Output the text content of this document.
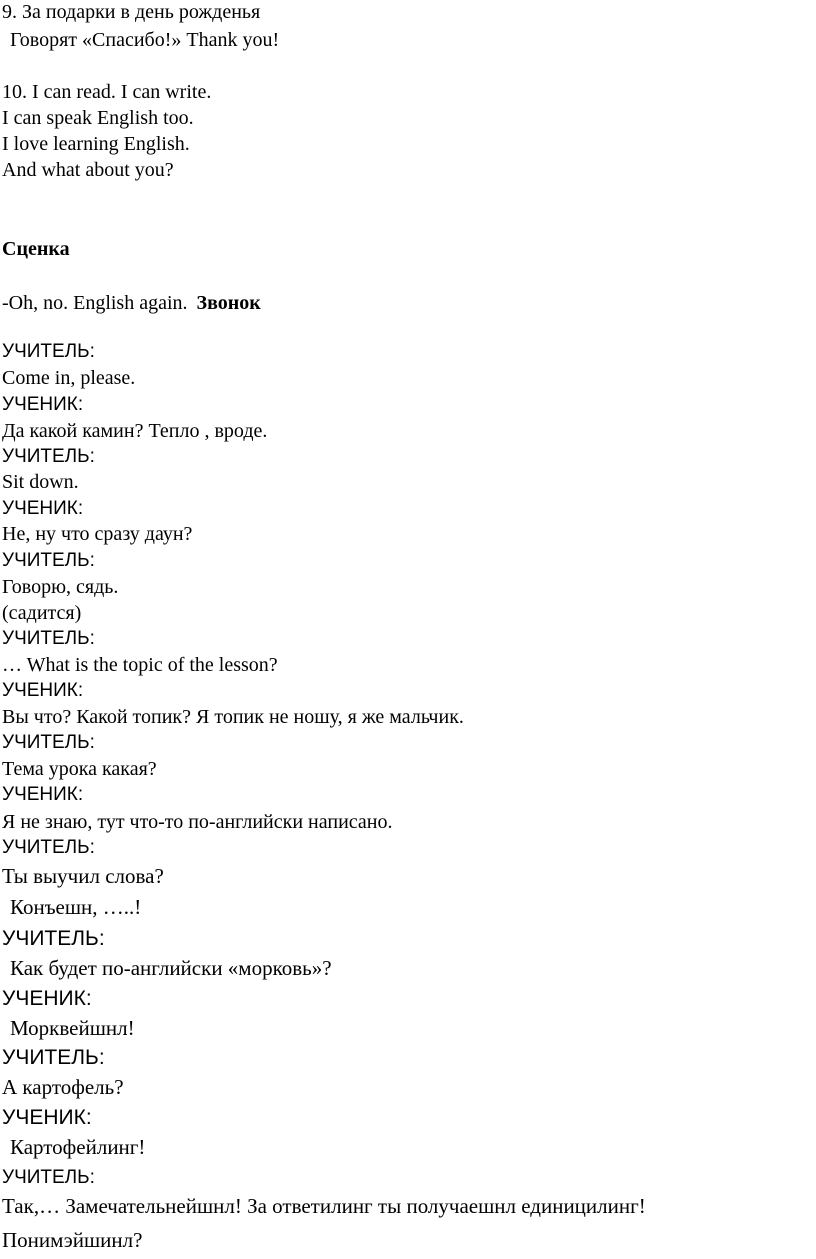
9. За подарки в день рожденья
Говорят «Спасибо!» Thank you!
10. I can read. I can write.
I can speak English too.
I love learning English.
And what about you?
Сценка
-Oh, no. English again. Звонок
УЧИТЕЛЬ:
Come in, please.
УЧЕНИК:
Да какой камин? Тепло , вроде.
УЧИТЕЛЬ:
Sit down.
УЧЕНИК:
Не, ну что сразу даун?
УЧИТЕЛЬ:
Говорю, сядь.
(садится)
УЧИТЕЛЬ:
… What is the topic of the lesson?
УЧЕНИК:
Вы что? Какой топик? Я топик не ношу, я же мальчик.
УЧИТЕЛЬ:
Тема урока какая?
УЧЕНИК:
Я не знаю, тут что-то по-английски написано.
УЧИТЕЛЬ:
Ты выучил слова?
Конъешн, …..!
УЧИТЕЛЬ:
Как будет по-английски «морковь»?
УЧЕНИК:
Морквейшнл!
УЧИТЕЛЬ:
А картофель?
УЧЕНИК:
Картофейлинг!
УЧИТЕЛЬ:
Так,… Замечательнейшнл! За ответилинг ты получаешнл единицилинг!
Понимэйшинл?
